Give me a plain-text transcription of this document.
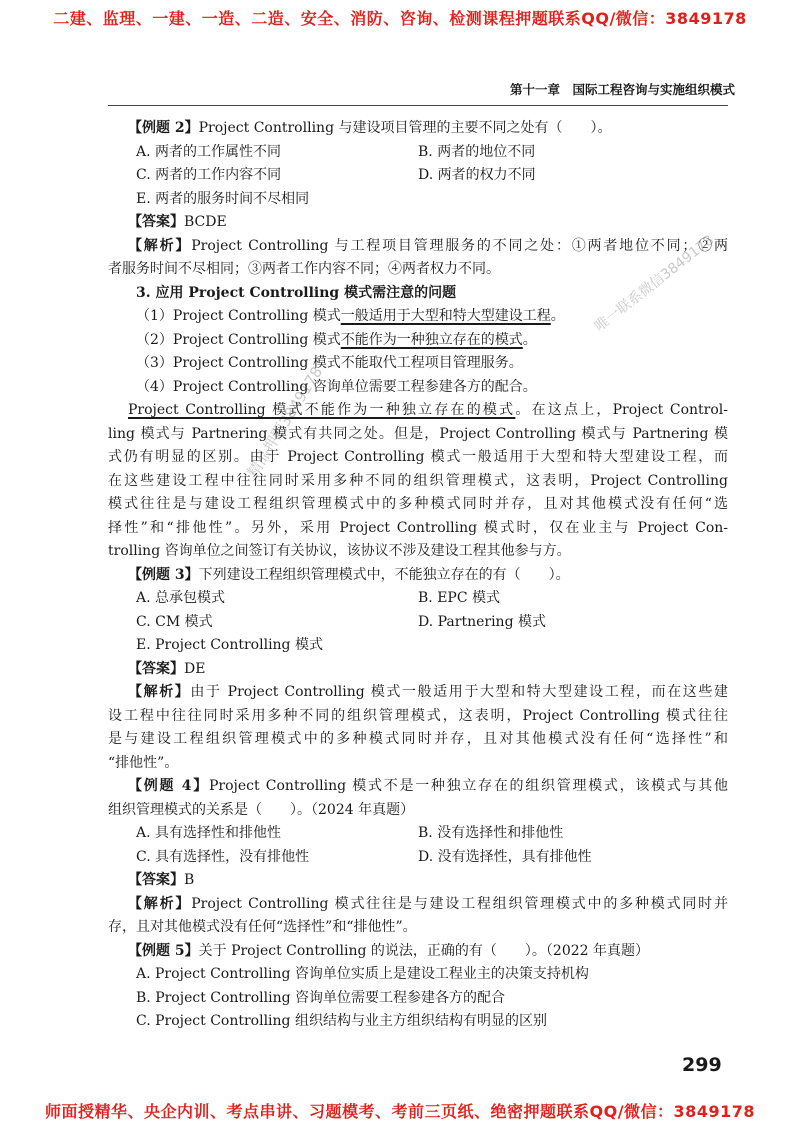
二建、监理、一建、一造、二造、安全、消防、咨询、检测课程押题联系QQ/微信：3849178
第十一章　国际工程咨询与实施组织模式
唯一联系微信3849178
精品押题3849178
【例题 2】Project Controlling 与建设项目管理的主要不同之处有（　　）。
A. 两者的工作属性不同	B. 两者的地位不同
C. 两者的工作内容不同	D. 两者的权力不同
E. 两者的服务时间不尽相同
【答案】BCDE
【解析】Project Controlling 与工程项目管理服务的不同之处：①两者地位不同；②两
者服务时间不尽相同；③两者工作内容不同；④两者权力不同。
3. 应用 Project Controlling 模式需注意的问题
（1）Project Controlling 模式一般适用于大型和特大型建设工程。
（2）Project Controlling 模式不能作为一种独立存在的模式。
（3）Project Controlling 模式不能取代工程项目管理服务。
（4）Project Controlling 咨询单位需要工程参建各方的配合。
Project Controlling 模式不能作为一种独立存在的模式。在这点上，Project Control-
ling 模式与 Partnering 模式有共同之处。但是，Project Controlling 模式与 Partnering 模
式仍有明显的区别。由于 Project Controlling 模式一般适用于大型和特大型建设工程，而
在这些建设工程中往往同时采用多种不同的组织管理模式，这表明，Project Controlling
模式往往是与建设工程组织管理模式中的多种模式同时并存，且对其他模式没有任何“选
择性”和“排他性”。另外，采用 Project Controlling 模式时，仅在业主与 Project Con-
trolling 咨询单位之间签订有关协议，该协议不涉及建设工程其他参与方。
【例题 3】下列建设工程组织管理模式中，不能独立存在的有（　　）。
A. 总承包模式	B. EPC 模式
C. CM 模式	D. Partnering 模式
E. Project Controlling 模式
【答案】DE
【解析】由于 Project Controlling 模式一般适用于大型和特大型建设工程，而在这些建
设工程中往往同时采用多种不同的组织管理模式，这表明，Project Controlling 模式往往
是与建设工程组织管理模式中的多种模式同时并存，且对其他模式没有任何“选择性”和
“排他性”。
【例题 4】Project Controlling 模式不是一种独立存在的组织管理模式，该模式与其他
组织管理模式的关系是（　　）。（2024 年真题）
A. 具有选择性和排他性	B. 没有选择性和排他性
C. 具有选择性，没有排他性	D. 没有选择性，具有排他性
【答案】B
【解析】Project Controlling 模式往往是与建设工程组织管理模式中的多种模式同时并
存，且对其他模式没有任何“选择性”和“排他性”。
【例题 5】关于 Project Controlling 的说法，正确的有（　　）。（2022 年真题）
A. Project Controlling 咨询单位实质上是建设工程业主的决策支持机构
B. Project Controlling 咨询单位需要工程参建各方的配合
C. Project Controlling 组织结构与业主方组织结构有明显的区别
299
师面授精华、央企内训、考点串讲、习题模考、考前三页纸、绝密押题联系QQ/微信：3849178
